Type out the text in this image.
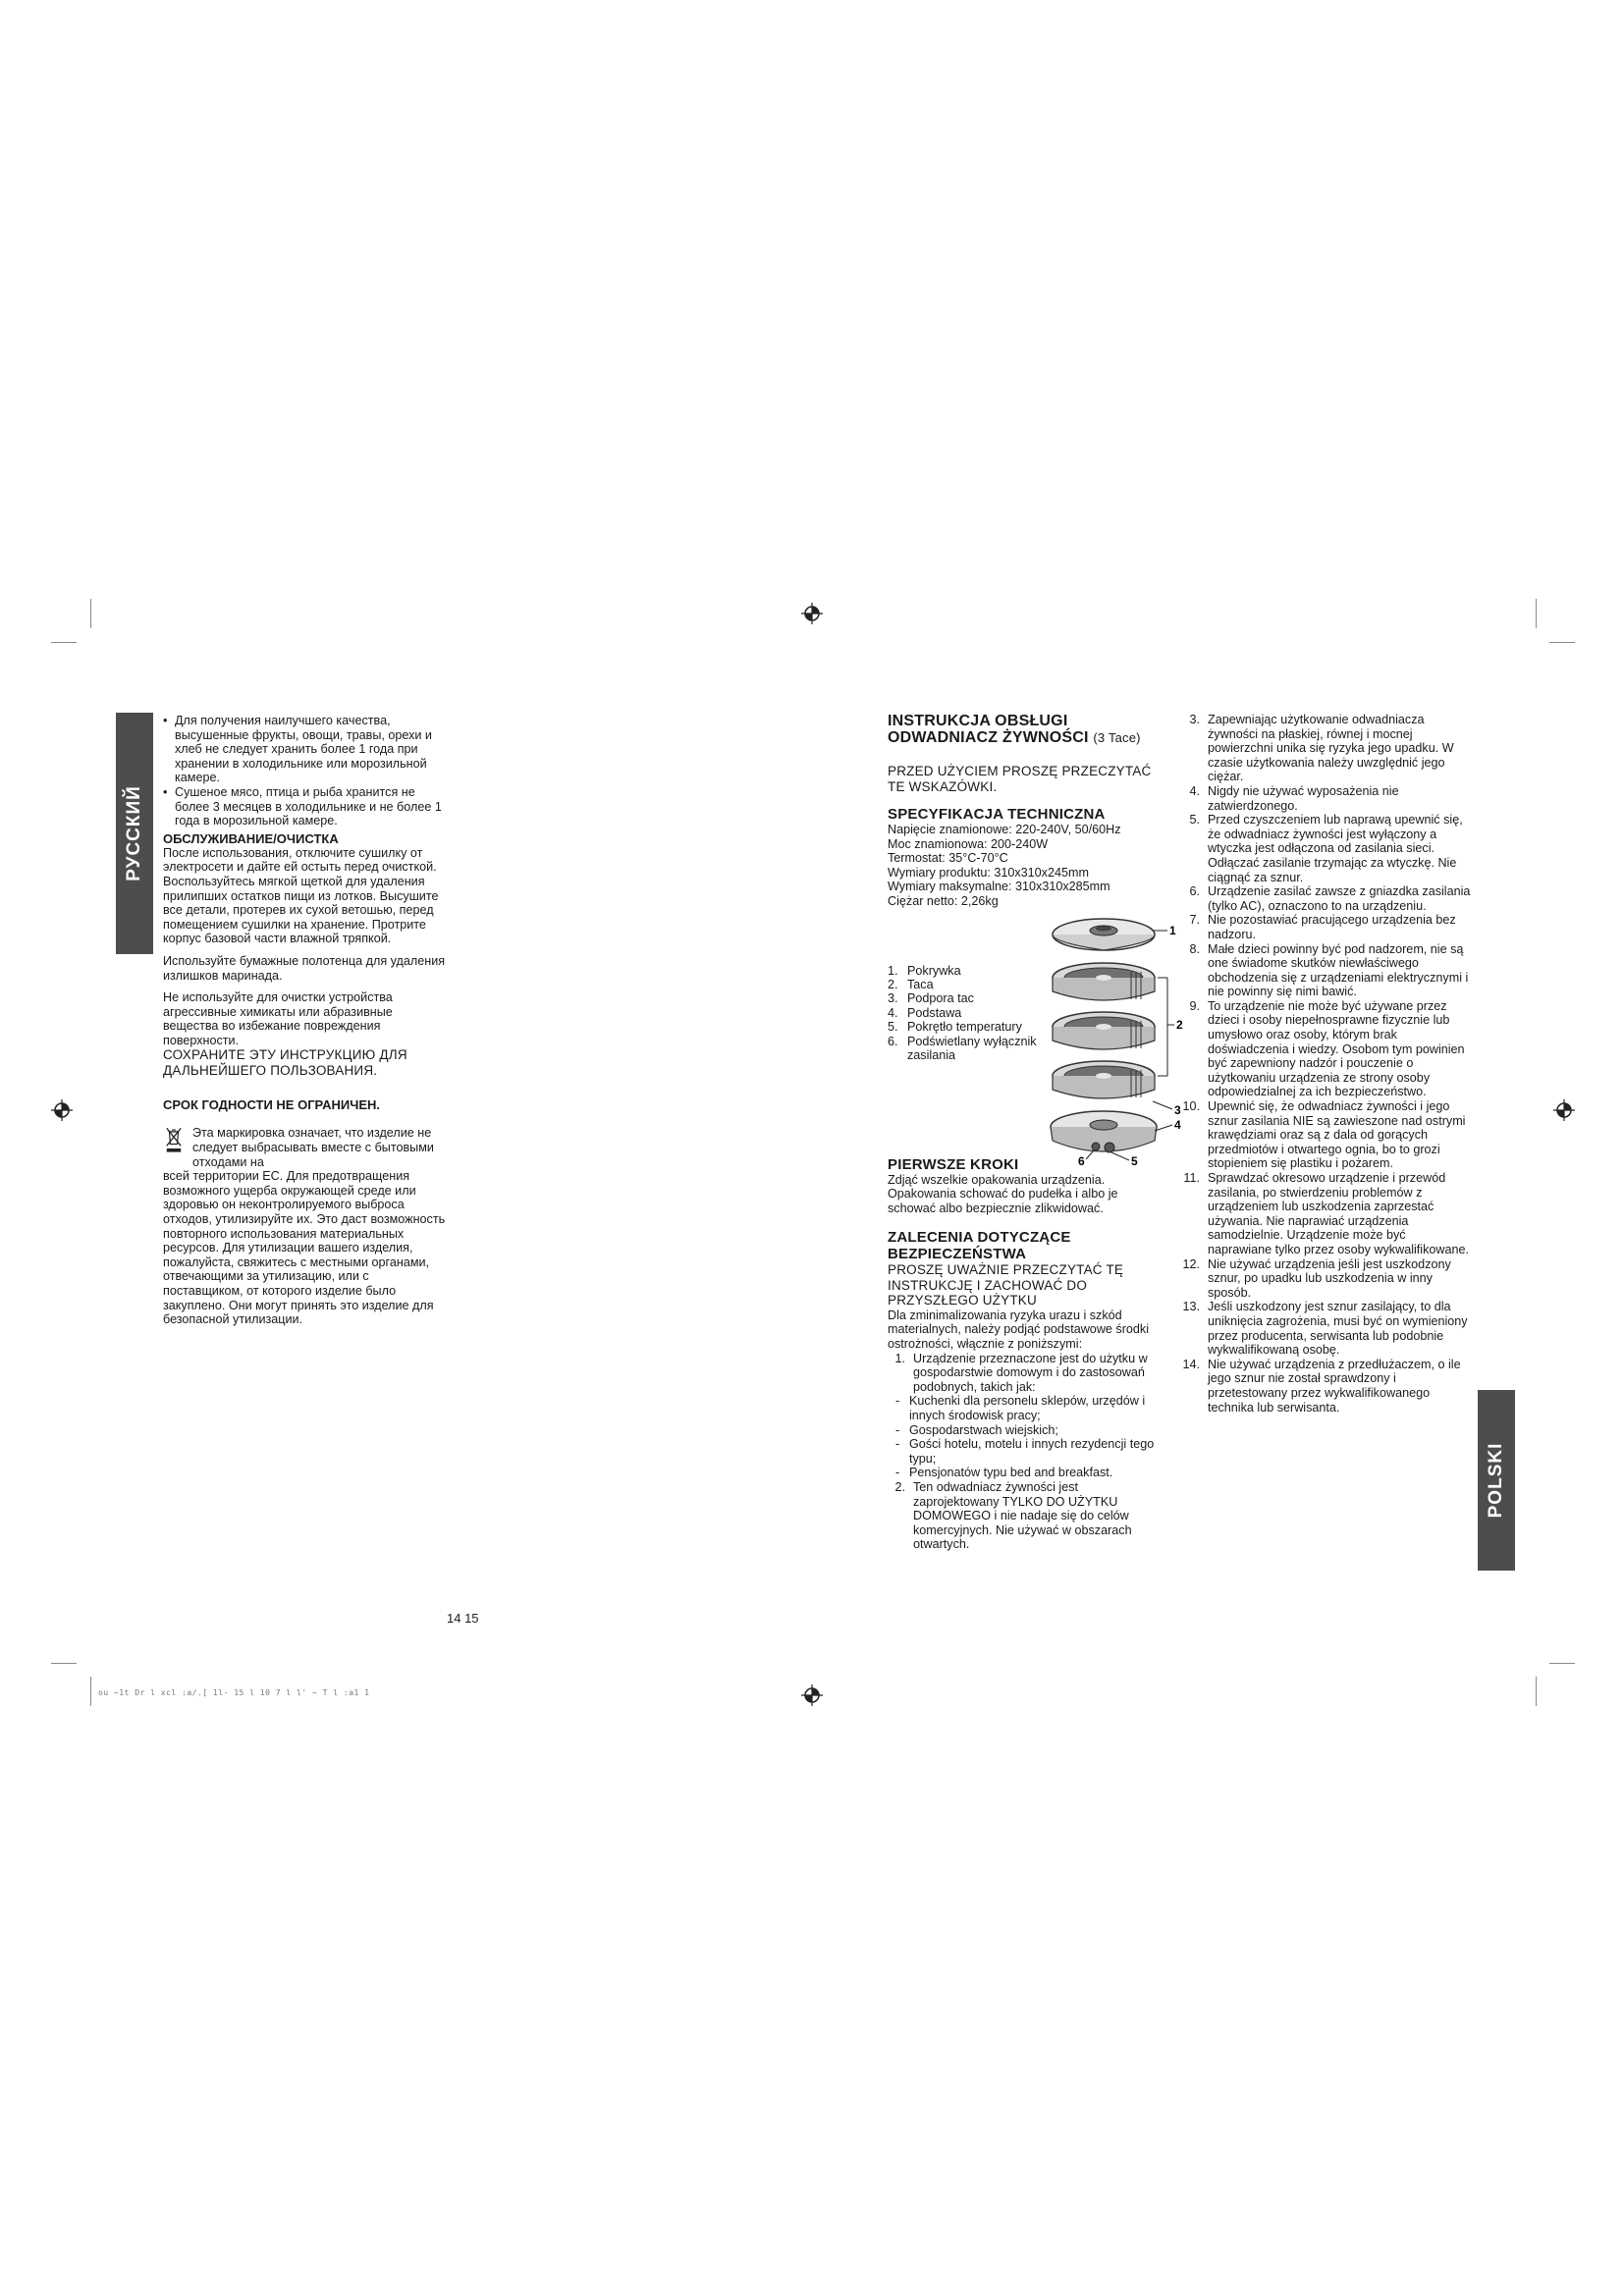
ou ~1t Dr l xcl :a/.[ 1l- 15 l 10 7 l l' ~ T l :a1 1
РУССКИЙ
POLSKI
• Для получения наилучшего качества, высушенные фрукты, овощи, травы, орехи и хлеб не следует хранить более 1 года при хранении в холодильнике или морозильной камере.
• Сушеное мясо, птица и рыба хранится не более 3 месяцев в холодильнике и не более 1 года в морозильной камере.

ОБСЛУЖИВАНИЕ/ОЧИСТКА

После использования, отключите сушилку от электросети и дайте ей остыть перед очисткой. Воспользуйтесь мягкой щеткой для удаления прилипших остатков пищи из лотков. Высушите все детали, протерев их сухой ветошью, перед помещением сушилки на хранение. Протрите корпус базовой части влажной тряпкой.

Используйте бумажные полотенца для удаления излишков маринада.

Не используйте для очистки устройства агрессивные химикаты или абразивные вещества во избежание повреждения поверхности.

СОХРАНИТЕ ЭТУ ИНСТРУКЦИЮ ДЛЯ ДАЛЬНЕЙШЕГО ПОЛЬЗОВАНИЯ.

СРОК ГОДНОСТИ НЕ ОГРАНИЧЕН.

Эта маркировка означает, что изделие не следует выбрасывать вместе с бытовыми отходами на

всей территории ЕС. Для предотвращения возможного ущерба окружающей среде или здоровью он неконтролируемого выброса отходов, утилизируйте их. Это даст возможность повторного использования материальных ресурсов. Для утилизации вашего изделия, пожалуйста, свяжитесь с местными органами, отвечающими за утилизацию, или с поставщиком, от которого изделие было закуплено. Они могут принять это изделие для безопасной утилизации.

14 15

INSTRUKCJA OBSŁUGI

ODWADNIACZ ŻYWNOŚCI (3 Tace)

PRZED UŻYCIEM PROSZĘ PRZECZYTAĆ TE WSKAZÓWKI.

SPECYFIKACJA TECHNICZNA

Napięcie znamionowe: 220-240V, 50/60Hz

Moc znamionowa: 200-240W

Termostat: 35°C-70°C

Wymiary produktu: 310x310x245mm

Wymiary maksymalne: 310x310x285mm

Ciężar netto: 2,26kg

1. Pokrywka
2. Taca
3. Podpora tac
4. Podstawa
5. Pokrętło temperatury
6. Podświetlany wyłącznik zasilania
1
2
3
4
6	5

PIERWSZE KROKI

Zdjąć wszelkie opakowania urządzenia. Opakowania schować do pudełka i albo je schować albo bezpiecznie zlikwidować.

ZALECENIA DOTYCZĄCE BEZPIECZEŃSTWA

PROSZĘ UWAŻNIE PRZECZYTAĆ TĘ INSTRUKCJĘ I ZACHOWAĆ DO PRZYSZŁEGO UŻYTKU

Dla zminimalizowania ryzyka urazu i szkód materialnych, należy podjąć podstawowe środki ostrożności, włącznie z poniższymi:

1. Urządzenie przeznaczone jest do użytku w gospodarstwie domowym i do zastosowań podobnych, takich jak:
- Kuchenki dla personelu sklepów, urzędów i innych środowisk pracy;
- Gospodarstwach wiejskich;
- Gości hotelu, motelu i innych rezydencji tego typu;
- Pensjonatów typu bed and breakfast.
2. Ten odwadniacz żywności jest zaprojektowany TYLKO DO UŻYTKU DOMOWEGO i nie nadaje się do celów komercyjnych. Nie używać w obszarach otwartych.
3. Zapewniając użytkowanie odwadniacza żywności na płaskiej, równej i mocnej powierzchni unika się ryzyka jego upadku. W czasie użytkowania należy uwzględnić jego ciężar.
4. Nigdy nie używać wyposażenia nie zatwierdzonego.
5. Przed czyszczeniem lub naprawą upewnić się, że odwadniacz żywności jest wyłączony a wtyczka jest odłączona od zasilania sieci. Odłączać zasilanie trzymając za wtyczkę. Nie ciągnąć za sznur.
6. Urządzenie zasilać zawsze z gniazdka zasilania (tylko AC), oznaczono to na urządzeniu.
7. Nie pozostawiać pracującego urządzenia bez nadzoru.
8. Małe dzieci powinny być pod nadzorem, nie są one świadome skutków niewłaściwego obchodzenia się z urządzeniami elektrycznymi i nie powinny się nimi bawić.
9. To urządzenie nie może być używane przez dzieci i osoby niepełnosprawne fizycznie lub umysłowo oraz osoby, którym brak doświadczenia i wiedzy. Osobom tym powinien być zapewniony nadzór i pouczenie o użytkowaniu urządzenia ze strony osoby odpowiedzialnej za ich bezpieczeństwo.
10. Upewnić się, że odwadniacz żywności i jego sznur zasilania NIE są zawieszone nad ostrymi krawędziami oraz są z dala od gorących przedmiotów i otwartego ognia, bo to grozi stopieniem się plastiku i pożarem.
11. Sprawdzać okresowo urządzenie i przewód zasilania, po stwierdzeniu problemów z urządzeniem lub uszkodzenia zaprzestać używania. Nie naprawiać urządzenia samodzielnie. Urządzenie może być naprawiane tylko przez osoby wykwalifikowane.
12. Nie używać urządzenia jeśli jest uszkodzony sznur, po upadku lub uszkodzenia w inny sposób.
13. Jeśli uszkodzony jest sznur zasilający, to dla uniknięcia zagrożenia, musi być on wymieniony przez producenta, serwisanta lub podobnie wykwalifikowaną osobę.
14. Nie używać urządzenia z przedłużaczem, o ile jego sznur nie został sprawdzony i przetestowany przez wykwalifikowanego technika lub serwisanta.
